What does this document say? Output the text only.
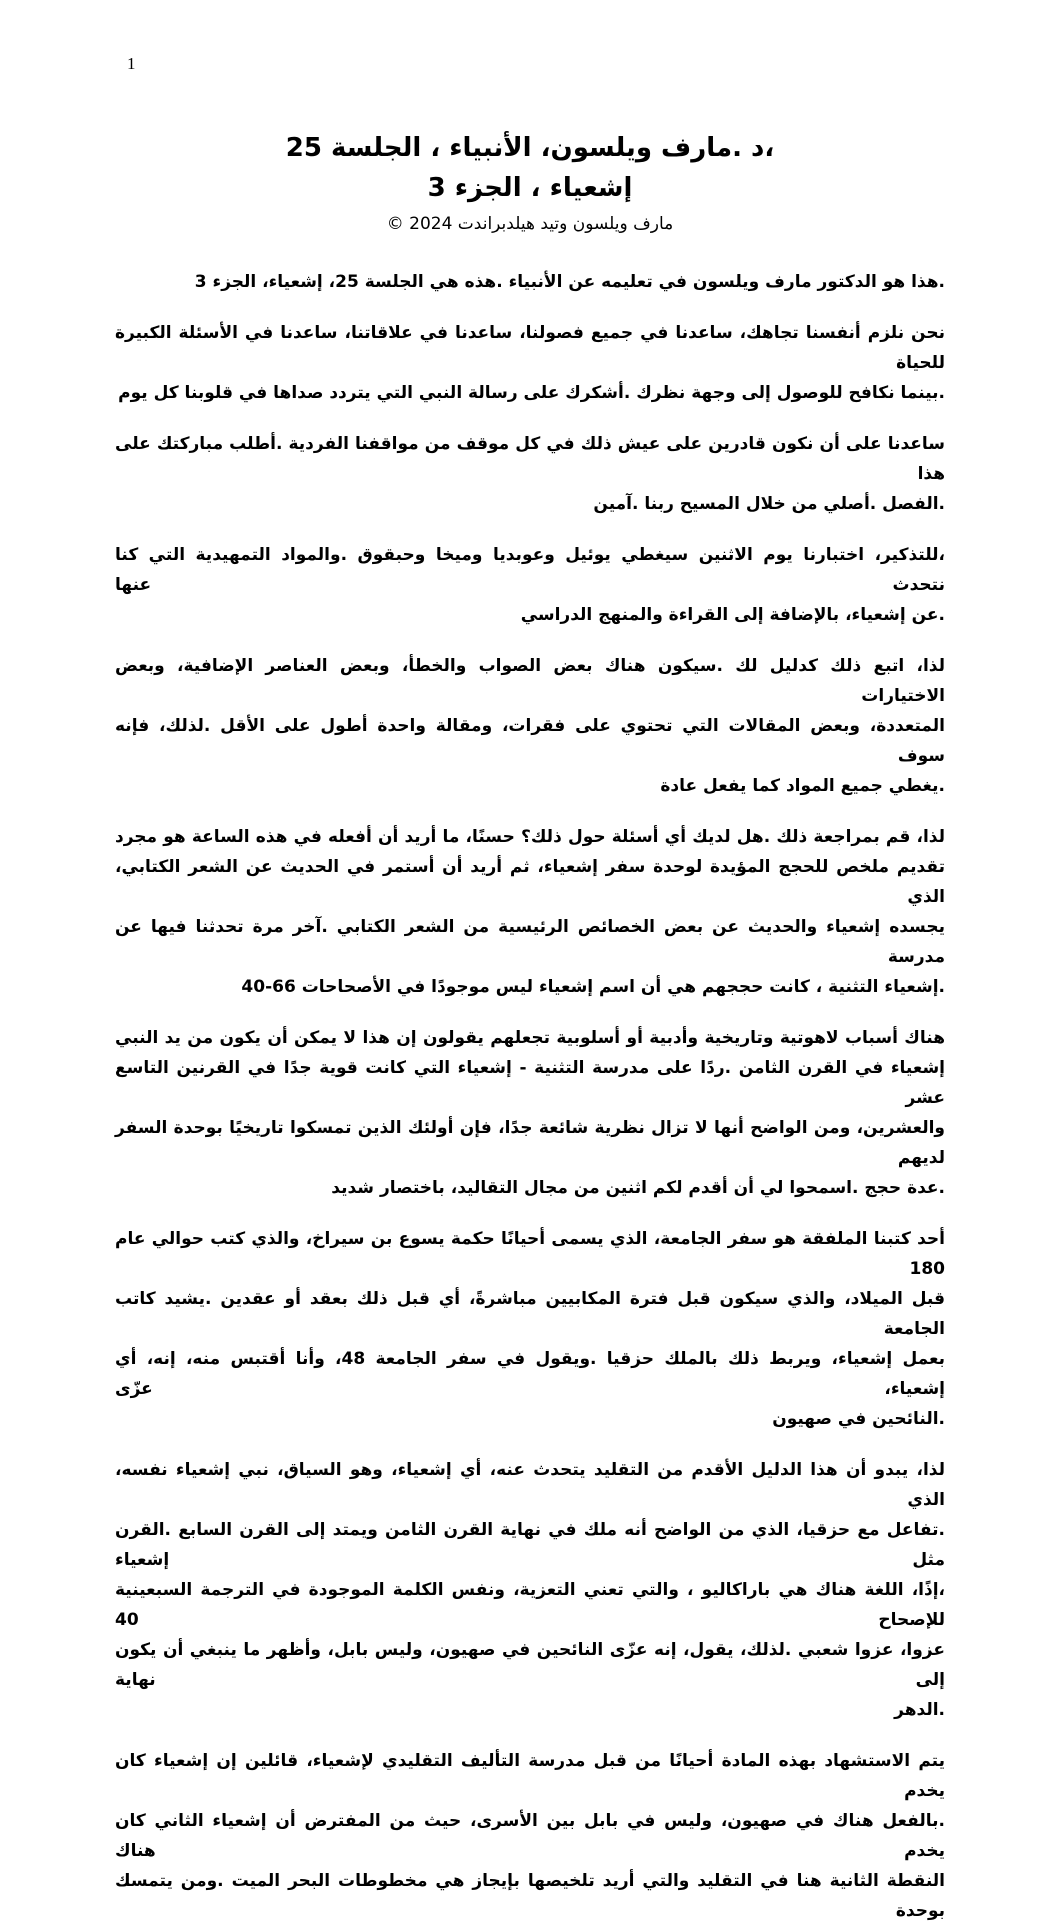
1
،د .مارف ويلسون، الأنبياء ، الجلسة 25
إشعياء ، الجزء 3
مارف ويلسون وتيد هيلدبراندت 2024 ©
.هذا هو الدكتور مارف ويلسون في تعليمه عن الأنبياء .هذه هي الجلسة 25، إشعياء، الجزء 3
نحن نلزم أنفسنا تجاهك، ساعدنا في جميع فصولنا، ساعدنا في علاقاتنا، ساعدنا في الأسئلة الكبيرة للحياة
.بينما نكافح للوصول إلى وجهة نظرك .أشكرك على رسالة النبي التي يتردد صداها في قلوبنا كل يوم
ساعدنا على أن نكون قادرين على عيش ذلك في كل موقف من مواقفنا الفردية .أطلب مباركتك على هذا
.الفصل .أصلي من خلال المسيح ربنا .آمين
،للتذكير، اختبارنا يوم الاثنين سيغطي يوئيل وعوبديا وميخا وحبقوق .والمواد التمهيدية التي كنا نتحدث عنها
.عن إشعياء، بالإضافة إلى القراءة والمنهج الدراسي
لذا، اتبع ذلك كدليل لك .سيكون هناك بعض الصواب والخطأ، وبعض العناصر الإضافية، وبعض الاختيارات
المتعددة، وبعض المقالات التي تحتوي على فقرات، ومقالة واحدة أطول على الأقل .لذلك، فإنه سوف
.يغطي جميع المواد كما يفعل عادة
لذا، قم بمراجعة ذلك .هل لديك أي أسئلة حول ذلك؟ حسنًا، ما أريد أن أفعله في هذه الساعة هو مجرد
تقديم ملخص للحجج المؤيدة لوحدة سفر إشعياء، ثم أريد أن أستمر في الحديث عن الشعر الكتابي، الذي
يجسده إشعياء والحديث عن بعض الخصائص الرئيسية من الشعر الكتابي .آخر مرة تحدثنا فيها عن مدرسة
.إشعياء التثنية ، كانت حججهم هي أن اسم إشعياء ليس موجودًا في الأصحاحات 66-40
هناك أسباب لاهوتية وتاريخية وأدبية أو أسلوبية تجعلهم يقولون إن هذا لا يمكن أن يكون من يد النبي
إشعياء في القرن الثامن .ردًا على مدرسة التثنية - إشعياء التي كانت قوية جدًا في القرنين التاسع عشر
والعشرين، ومن الواضح أنها لا تزال نظرية شائعة جدًا، فإن أولئك الذين تمسكوا تاريخيًا بوحدة السفر لديهم
.عدة حجج .اسمحوا لي أن أقدم لكم اثنين من مجال التقاليد، باختصار شديد
أحد كتبنا الملفقة هو سفر الجامعة، الذي يسمى أحيانًا حكمة يسوع بن سيراخ، والذي كتب حوالي عام 180
قبل الميلاد، والذي سيكون قبل فترة المكابيين مباشرةً، أي قبل ذلك بعقد أو عقدين .يشيد كاتب الجامعة
بعمل إشعياء، ويربط ذلك بالملك حزقيا .ويقول في سفر الجامعة 48، وأنا أقتبس منه، إنه، أي إشعياء، عزّى
.النائحين في صهيون
لذا، يبدو أن هذا الدليل الأقدم من التقليد يتحدث عنه، أي إشعياء، وهو السياق، نبي إشعياء نفسه، الذي
.تفاعل مع حزقيا، الذي من الواضح أنه ملك في نهاية القرن الثامن ويمتد إلى القرن السابع .القرن مثل إشعياء
،إذًا، اللغة هناك هي باراكاليو ، والتي تعني التعزية، ونفس الكلمة الموجودة في الترجمة السبعينية للإصحاح 40
عزوا، عزوا شعبي .لذلك، يقول، إنه عزّى النائحين في صهيون، وليس بابل، وأظهر ما ينبغي أن يكون إلى نهاية
.الدهر
يتم الاستشهاد بهذه المادة أحيانًا من قبل مدرسة التأليف التقليدي لإشعياء، قائلين إن إشعياء كان يخدم
.بالفعل هناك في صهيون، وليس في بابل بين الأسرى، حيث من المفترض أن إشعياء الثاني كان يخدم هناك
النقطة الثانية هنا في التقليد والتي أريد تلخيصها بإيجاز هي مخطوطات البحر الميت .ومن يتمسك بوحدة
